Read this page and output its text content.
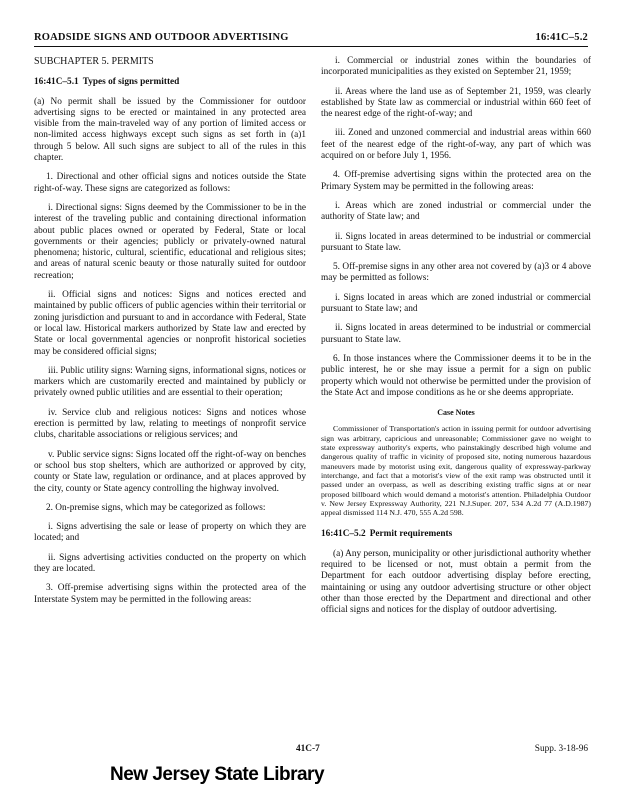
ROADSIDE SIGNS AND OUTDOOR ADVERTISING	16:41C–5.2

SUBCHAPTER 5. PERMITS

16:41C–5.1 Types of signs permitted

(a) No permit shall be issued by the Commissioner for outdoor advertising signs to be erected or maintained in any protected area visible from the main-traveled way of any portion of limited access or non-limited access highways except such signs as set forth in (a)1 through 5 below. All such signs are subject to all of the rules in this chapter.

1. Directional and other official signs and notices outside the State right-of-way. These signs are categorized as follows:

i. Directional signs: Signs deemed by the Commissioner to be in the interest of the traveling public and containing directional information about public places owned or operated by Federal, State or local governments or their agencies; publicly or privately-owned natural phenomena; historic, cultural, scientific, educational and religious sites; and areas of natural scenic beauty or those naturally suited for outdoor recreation;

ii. Official signs and notices: Signs and notices erected and maintained by public officers of public agencies within their territorial or zoning jurisdiction and pursuant to and in accordance with Federal, State or local law. Historical markers authorized by State law and erected by State or local governmental agencies or nonprofit historical societies may be considered official signs;

iii. Public utility signs: Warning signs, informational signs, notices or markers which are customarily erected and maintained by publicly or privately owned public utilities and are essential to their operation;

iv. Service club and religious notices: Signs and notices whose erection is permitted by law, relating to meetings of nonprofit service clubs, charitable associations or religious services; and

v. Public service signs: Signs located off the right-of-way on benches or school bus stop shelters, which are authorized or approved by city, county or State law, regulation or ordinance, and at places approved by the city, county or State agency controlling the highway involved.

2. On-premise signs, which may be categorized as follows:

i. Signs advertising the sale or lease of property on which they are located; and

ii. Signs advertising activities conducted on the property on which they are located.

3. Off-premise advertising signs within the protected area of the Interstate System may be permitted in the following areas:

i. Commercial or industrial zones within the boundaries of incorporated municipalities as they existed on September 21, 1959;

ii. Areas where the land use as of September 21, 1959, was clearly established by State law as commercial or industrial within 660 feet of the nearest edge of the right-of-way; and

iii. Zoned and unzoned commercial and industrial areas within 660 feet of the nearest edge of the right-of-way, any part of which was acquired on or before July 1, 1956.

4. Off-premise advertising signs within the protected area on the Primary System may be permitted in the following areas:

i. Areas which are zoned industrial or commercial under the authority of State law; and

ii. Signs located in areas determined to be industrial or commercial pursuant to State law.

5. Off-premise signs in any other area not covered by (a)3 or 4 above may be permitted as follows:

i. Signs located in areas which are zoned industrial or commercial pursuant to State law; and

ii. Signs located in areas determined to be industrial or commercial pursuant to State law.

6. In those instances where the Commissioner deems it to be in the public interest, he or she may issue a permit for a sign on public property which would not otherwise be permitted under the provision of the State Act and impose conditions as he or she deems appropriate.

Case Notes

Commissioner of Transportation's action in issuing permit for outdoor advertising sign was arbitrary, capricious and unreasonable; Commissioner gave no weight to state expressway authority's experts, who painstakingly described high volume and dangerous quality of traffic in vicinity of proposed site, noting numerous hazardous maneuvers made by motorist using exit, dangerous quality of expressway-parkway interchange, and fact that a motorist's view of the exit ramp was obstructed until it passed under an overpass, as well as describing existing traffic signs at or near proposed billboard which would demand a motorist's attention. Philadelphia Outdoor v. New Jersey Expressway Authority, 221 N.J.Super. 207, 534 A.2d 77 (A.D.1987) appeal dismissed 114 N.J. 470, 555 A.2d 598.

16:41C–5.2 Permit requirements

(a) Any person, municipality or other jurisdictional authority whether required to be licensed or not, must obtain a permit from the Department for each outdoor advertising display before erecting, maintaining or using any outdoor advertising structure or other object other than those erected by the Department and directional and other official signs and notices for the display of outdoor advertising.

41C-7	Supp. 3-18-96
New Jersey State Library
